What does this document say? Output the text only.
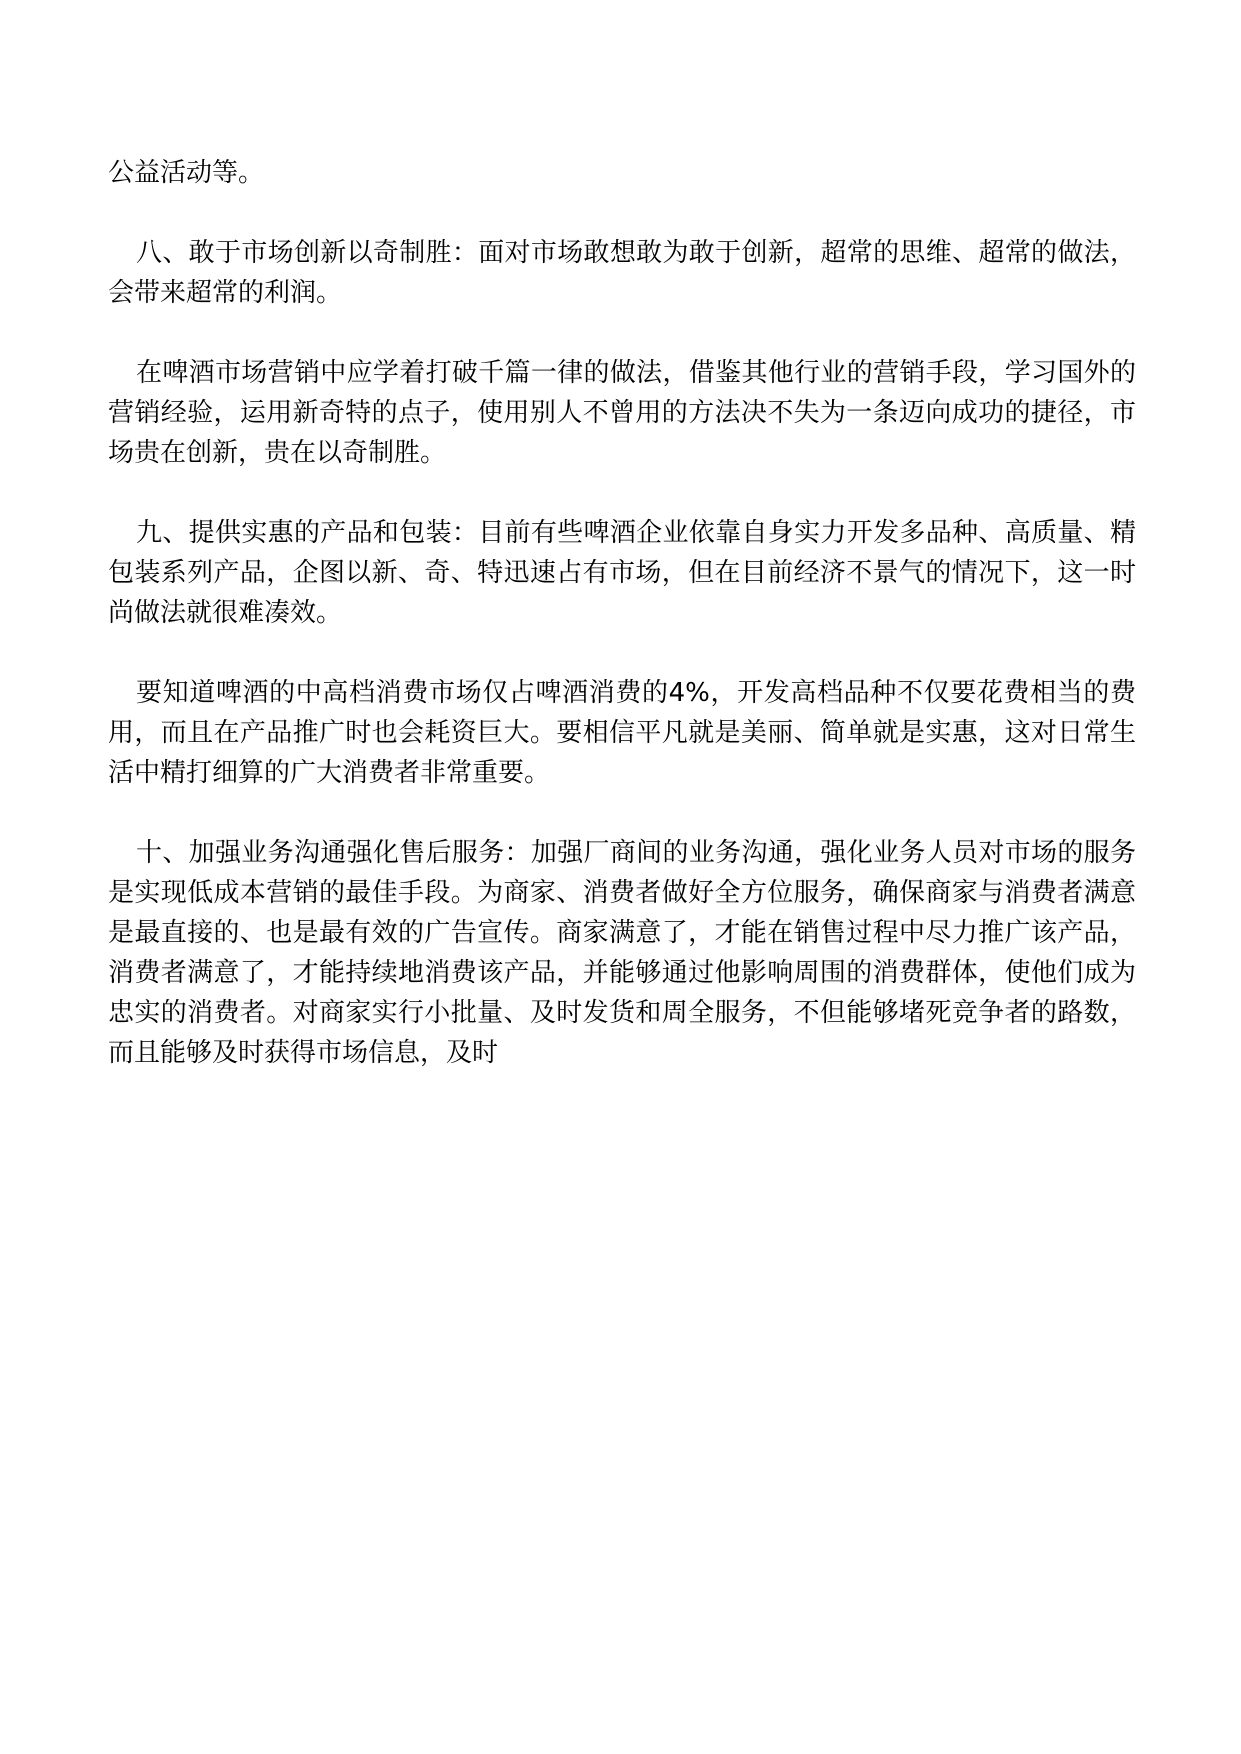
公益活动等。

八、敢于市场创新以奇制胜：面对市场敢想敢为敢于创新，超常的思维、超常的做法，会带来超常的利润。

在啤酒市场营销中应学着打破千篇一律的做法，借鉴其他行业的营销手段，学习国外的营销经验，运用新奇特的点子，使用别人不曾用的方法决不失为一条迈向成功的捷径，市场贵在创新，贵在以奇制胜。

九、提供实惠的产品和包装：目前有些啤酒企业依靠自身实力开发多品种、高质量、精包装系列产品，企图以新、奇、特迅速占有市场，但在目前经济不景气的情况下，这一时尚做法就很难凑效。

要知道啤酒的中高档消费市场仅占啤酒消费的4%，开发高档品种不仅要花费相当的费用，而且在产品推广时也会耗资巨大。要相信平凡就是美丽、简单就是实惠，这对日常生活中精打细算的广大消费者非常重要。

十、加强业务沟通强化售后服务：加强厂商间的业务沟通，强化业务人员对市场的服务是实现低成本营销的最佳手段。为商家、消费者做好全方位服务，确保商家与消费者满意是最直接的、也是最有效的广告宣传。商家满意了，才能在销售过程中尽力推广该产品，消费者满意了，才能持续地消费该产品，并能够通过他影响周围的消费群体，使他们成为忠实的消费者。对商家实行小批量、及时发货和周全服务，不但能够堵死竞争者的路数，而且能够及时获得市场信息，及时
